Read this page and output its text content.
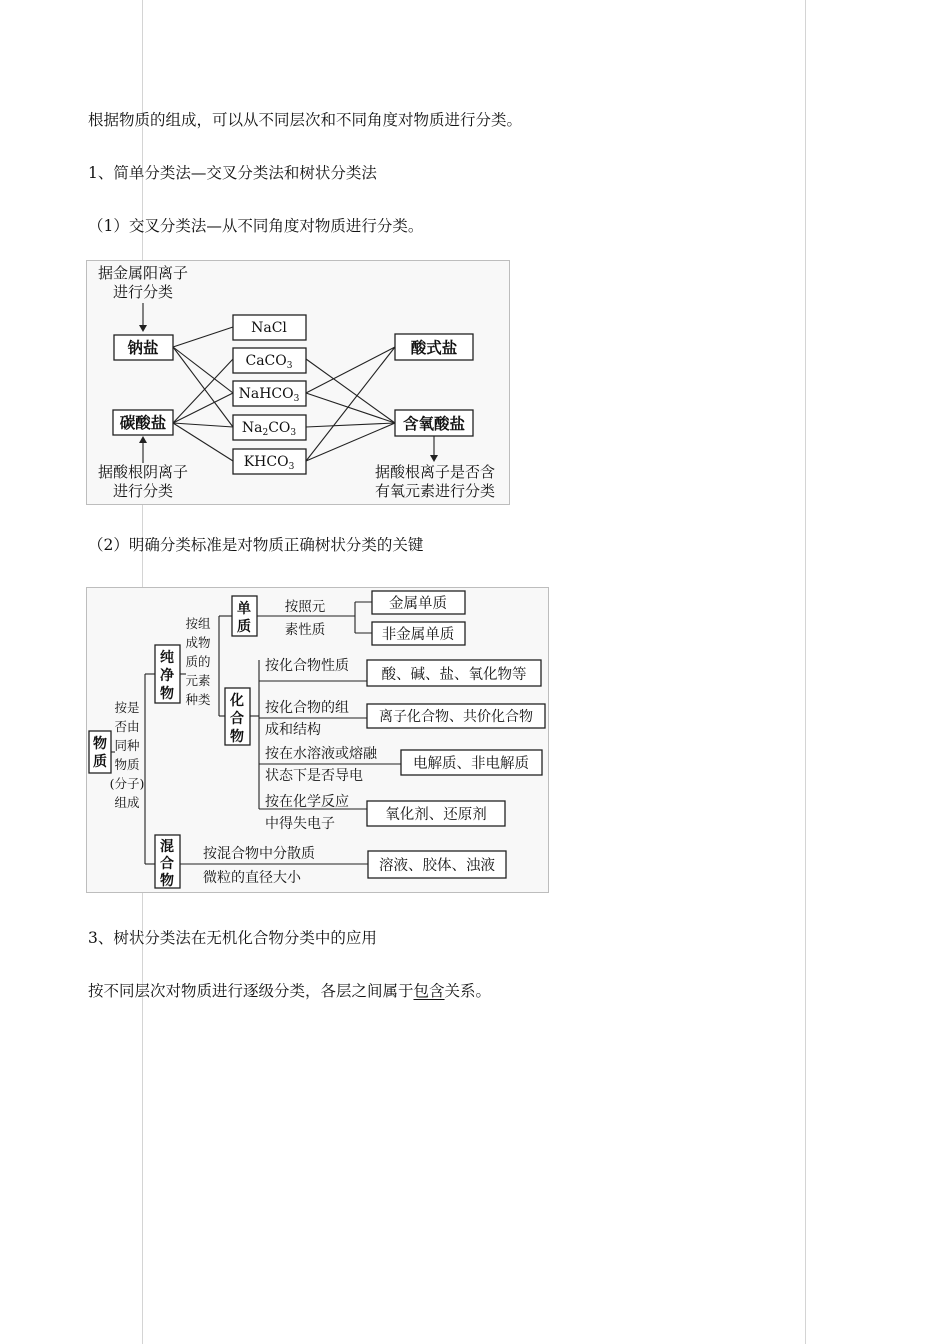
根据物质的组成，可以从不同层次和不同角度对物质进行分类。
1、简单分类法—交叉分类法和树状分类法
（1）交叉分类法—从不同角度对物质进行分类。
据金属阳离子
进行分类
钠盐
碳酸盐
NaCl
CaCO$_3$
NaHCO$_3$
$Na_2CO_3$
$KHCO_3$
酸式盐
含氧酸盐
据酸根阴离子
进行分类
据酸根离子是否含
有氧元素进行分类
（2）明确分类标准是对物质正确树状分类的关键
物
质
按是
否由
同种
物质
(分子)
组成
纯
净
物
按组
成物
质的
元素
种类
单
质
按照元
素性质
金属单质
非金属单质
化
合
物
按化合物性质
酸、碱、盐、氧化物等
按化合物的组
成和结构
离子化合物、共价化合物
按在水溶液或熔融
状态下是否导电
电解质、非电解质
按在化学反应
中得失电子
氧化剂、还原剂
混
合
物
按混合物中分散质
微粒的直径大小
溶液、胶体、浊液
3、树状分类法在无机化合物分类中的应用
按不同层次对物质进行逐级分类，各层之间属于包含关系。
